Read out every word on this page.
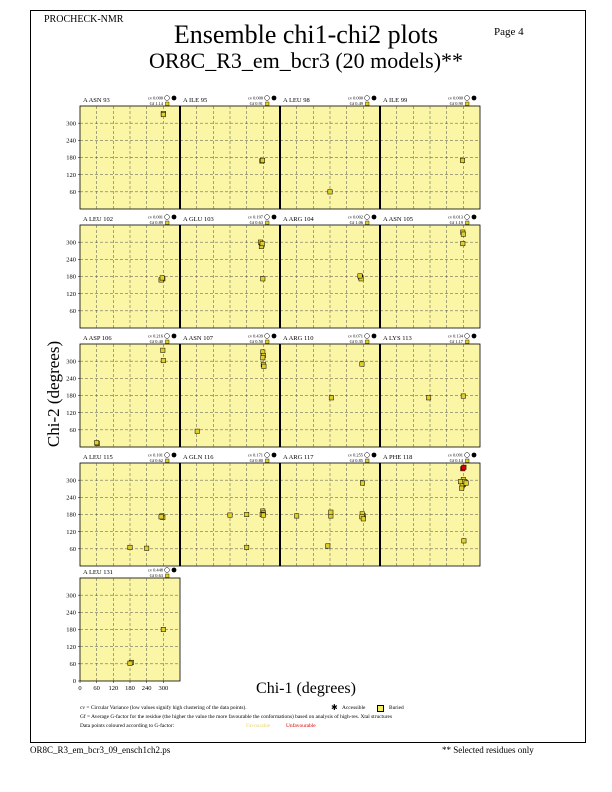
PROCHECK-NMR
Page 4
Ensemble chi1-chi2 plots
OR8C_R3_em_bcr3 (20 models)**
A ASN 93	cv 0.000
Gf 1.14
60
120
180
240
300
A ILE 95	cv 0.000
Gf 0.91	A LEU 98	cv 0.000
Gf 0.49	A ILE 99	cv 0.000
Gf 0.90
A LEU 102	cv 0.001
Gf 0.89
60
120
180
240
300
A GLU 103	cv 0.197
Gf 0.63	A ARG 104	cv 0.002
Gf 1.06	A ASN 105	cv 0.013
Gf 1.19
A ASP 106	cv 0.216
Gf 0.40
60
120
180
240
300
A ASN 107	cv 0.439
Gf 0.50	A ARG 110	cv 0.071
Gf 0.35	A LYS 113	cv 0.134
Gf 1.17
A LEU 115	cv 0.101
Gf 0.62
60
120
180
240
300
A GLN 116	cv 0.171
Gf 0.80	A ARG 117	cv 0.255
Gf 0.85	A PHE 118	cv 0.091
Gf 0.14
A LEU 131	cv 0.448
Gf 0.63
0
60
120
180
240
300
0 60 120 180 240 300
Chi-2 (degrees)
Chi-1 (degrees)
cv = Circular Variance (low values signify high clustering of the data points).	✱ Accessible	Buried
Gf = Average G-factor for the residue (the higher the value the more favourable the conformations) based on analysis of high-res. Xtal structures
Data points coloured according to G-factor:	Favourable	Unfavourable
OR8C_R3_em_bcr3_09_ensch1ch2.ps	** Selected residues only
